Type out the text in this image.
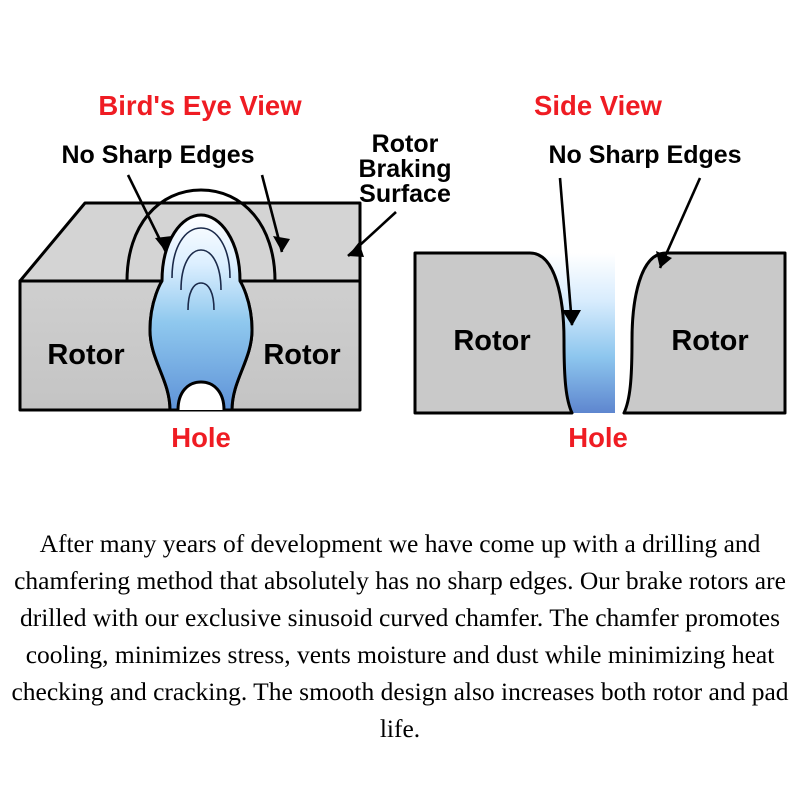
Bird's Eye View
No Sharp Edges	Rotor
Braking
Surface
Rotor	Rotor
Hole
Side View
No Sharp Edges
Rotor	Rotor
Hole
After many years of development we have come up with a drilling and chamfering method that absolutely has no sharp edges. Our brake rotors are drilled with our exclusive sinusoid curved chamfer. The chamfer promotes cooling, minimizes stress, vents moisture and dust while minimizing heat checking and cracking. The smooth design also increases both rotor and pad life.
